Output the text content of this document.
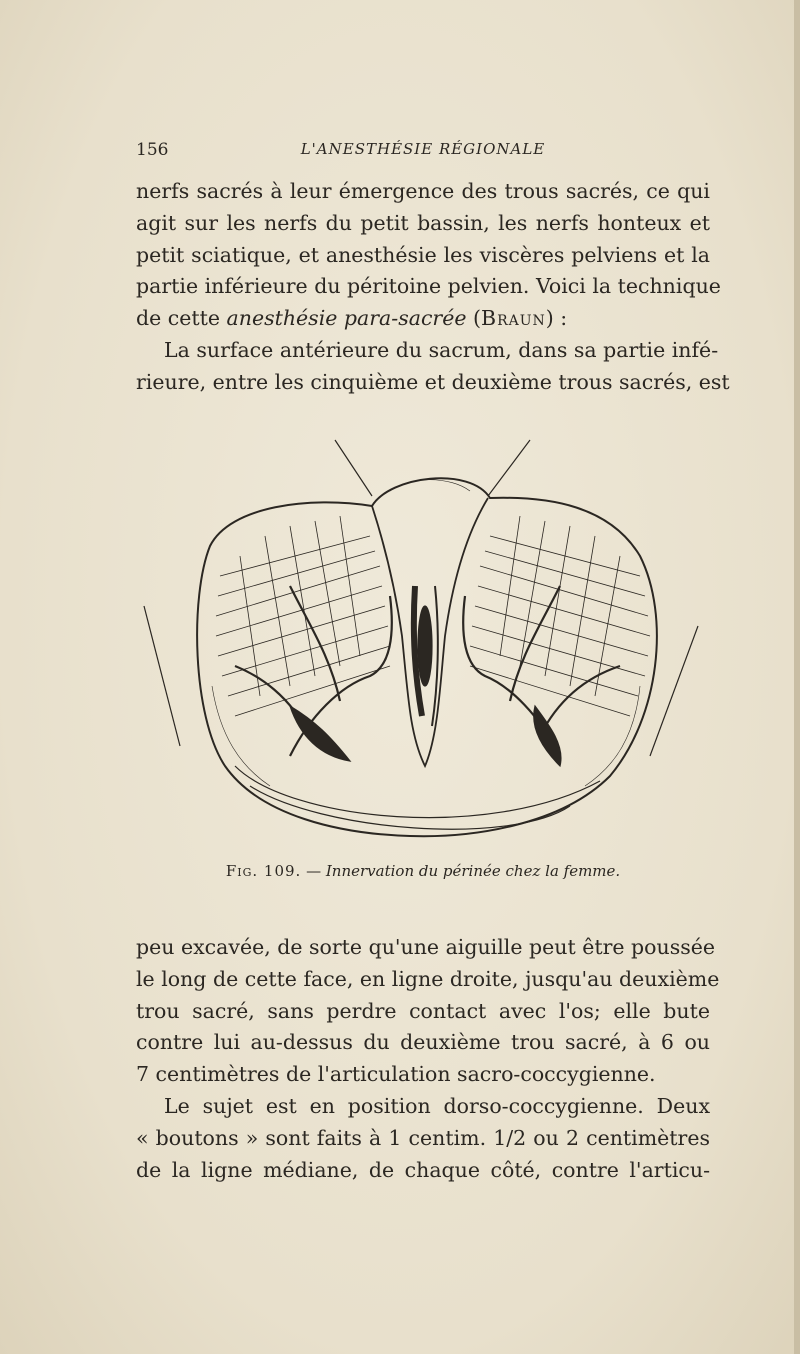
156	L'ANESTHÉSIE RÉGIONALE
nerfs sacrés à leur émergence des trous sacrés, ce qui
agit sur les nerfs du petit bassin, les nerfs honteux et
petit sciatique, et anesthésie les viscères pelviens et la
partie inférieure du péritoine pelvien. Voici la technique
de cette anesthésie para-sacrée (Braun) :
La surface antérieure du sacrum, dans sa partie infé-
rieure, entre les cinquième et deuxième trous sacrés, est
Fig. 109. — Innervation du périnée chez la femme.
peu excavée, de sorte qu'une aiguille peut être poussée
le long de cette face, en ligne droite, jusqu'au deuxième
trou sacré, sans perdre contact avec l'os; elle bute
contre lui au-dessus du deuxième trou sacré, à 6 ou
7 centimètres de l'articulation sacro-coccygienne.
Le sujet est en position dorso-coccygienne. Deux
« boutons » sont faits à 1 centim. 1/2 ou 2 centimètres
de la ligne médiane, de chaque côté, contre l'articu-
